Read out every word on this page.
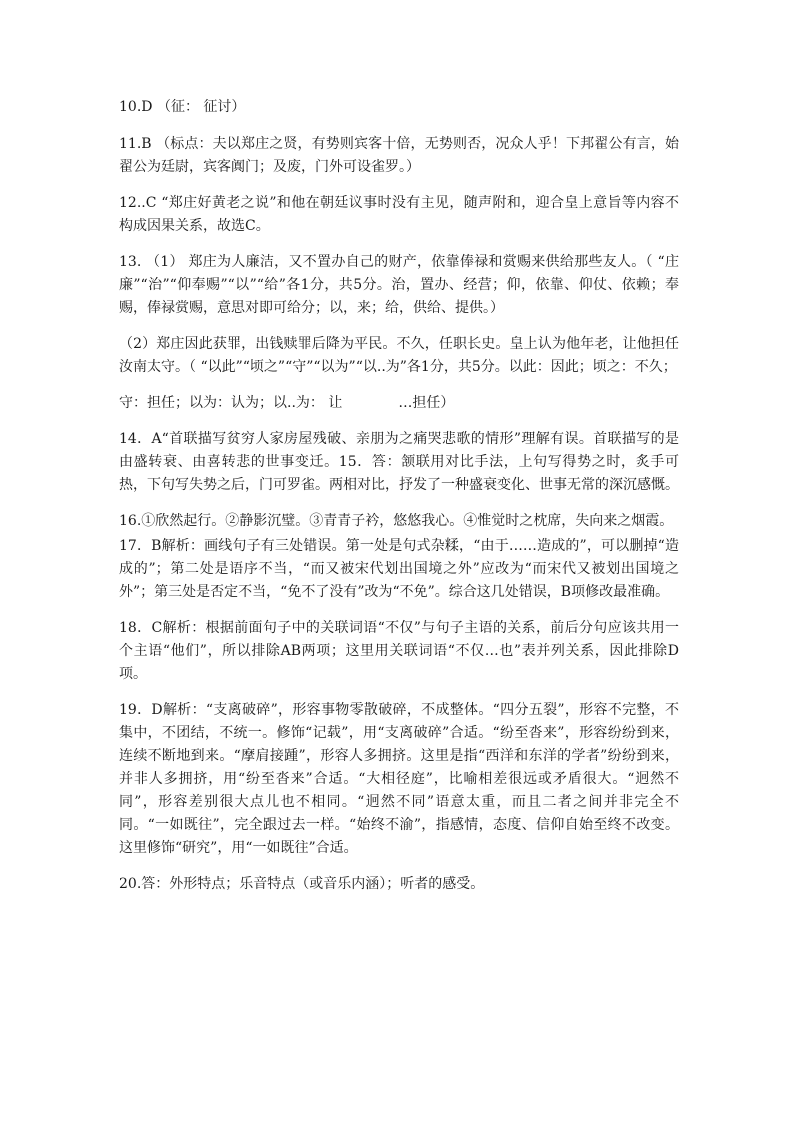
10.D （征： 征讨）

11.B （标点：夫以郑庄之贤，有势则宾客十倍，无势则否，况众人乎！下邦翟公有言，始翟公为廷尉，宾客阗门；及废，门外可设雀罗。）

12..C “郑庄好黄老之说”和他在朝廷议事时没有主见，随声附和，迎合皇上意旨等内容不构成因果关系，故选C。

13. （1） 郑庄为人廉洁，又不置办自己的财产，依靠俸禄和赏赐来供给那些友人。（ “庄廉”“治”“仰奉赐”“以”“给”各1分，共5分。治，置办、经营；仰，依靠、仰仗、依赖；奉赐，俸禄赏赐，意思对即可给分；以，来；给，供给、提供。）

（2）郑庄因此获罪，出钱赎罪后降为平民。不久，任职长史。皇上认为他年老，让他担任汝南太守。（ “以此”“顷之”“守”“以为”“以..为”各1分，共5分。以此：因此；顷之：不久；

守：担任；以为：认为；以..为： 让　　　　…担任）

14．A“首联描写贫穷人家房屋残破、亲朋为之痛哭悲歌的情形”理解有误。首联描写的是由盛转衰、由喜转悲的世事变迁。15．答：颔联用对比手法，上句写得势之时，炙手可热，下句写失势之后，门可罗雀。两相对比，抒发了一种盛衰变化、世事无常的深沉感慨。

16.①欣然起行。②静影沉璧。③青青子衿，悠悠我心。④惟觉时之枕席，失向来之烟霞。

17．B解析：画线句子有三处错误。第一处是句式杂糅，“由于……造成的”，可以删掉“造成的”；第二处是语序不当，“而又被宋代划出国境之外”应改为“而宋代又被划出国境之外”；第三处是否定不当，“免不了没有”改为“不免”。综合这几处错误，B项修改最准确。

18．C解析：根据前面句子中的关联词语“不仅”与句子主语的关系，前后分句应该共用一个主语“他们”，所以排除AB两项；这里用关联词语“不仅…也”表并列关系，因此排除D项。

19．D解析：“支离破碎”，形容事物零散破碎，不成整体。“四分五裂”，形容不完整，不集中，不团结，不统一。修饰“记载”，用“支离破碎”合适。“纷至沓来”，形容纷纷到来，连续不断地到来。“摩肩接踵”，形容人多拥挤。这里是指“西洋和东洋的学者”纷纷到来，并非人多拥挤，用“纷至沓来”合适。“大相径庭”，比喻相差很远或矛盾很大。“迥然不同”，形容差别很大点儿也不相同。“迥然不同”语意太重，而且二者之间并非完全不同。“一如既往”，完全跟过去一样。“始终不渝”，指感情，态度、信仰自始至终不改变。这里修饰“研究”，用“一如既往”合适。

20.答：外形特点；乐音特点（或音乐内涵）；听者的感受。
